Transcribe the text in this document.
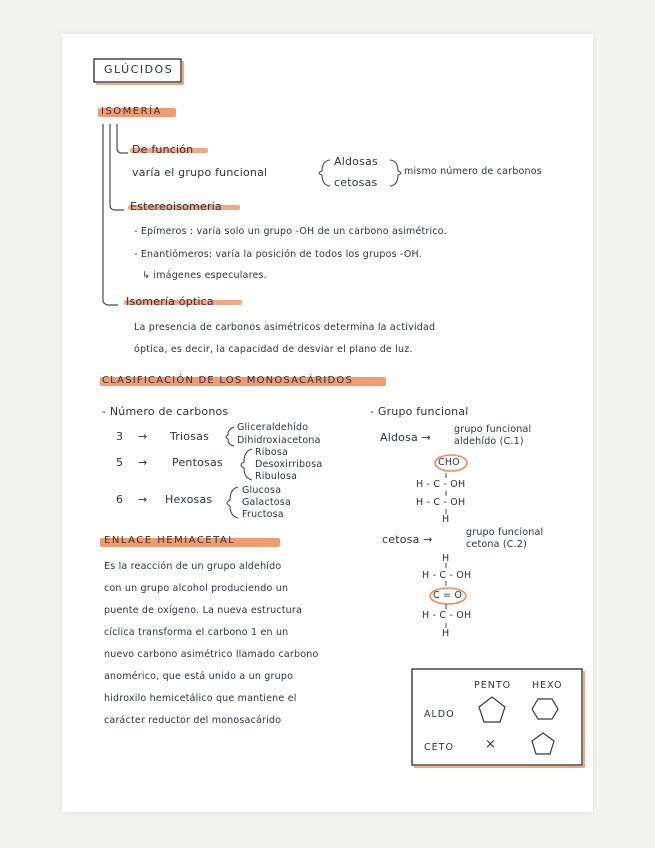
GLÚCIDOS
ISOMERÍA
De función
varía el grupo funcional
Aldosas
cetosas
mismo número de carbonos
Estereoisomería
- Epímeros : varía solo un grupo -OH de un carbono asimétrico.
- Enantiómeros: varía la posición de todos los grupos -OH.
↳ imágenes especulares.
Isomería óptica
La presencia de carbonos asimétricos determina la actividad
óptica, es decir, la capacidad de desviar el plano de luz.
CLASIFICACIÓN DE LOS MONOSACÁRIDOS
- Número de carbonos
3 → Triosas
Gliceraldehído
Dihidroxiacetona
5 → Pentosas
Ribosa
Desoxirribosa
Ribulosa
6 → Hexosas
Glucosa
Galactosa
Fructosa
- Grupo funcional
Aldosa →
grupo funcional
aldehído (C.1)
CHO
H - C - OH
H - C - OH
H
cetosa →
grupo funcional
cetona (C.2)
H
H - C - OH
C = O
H - C - OH
H
ENLACE HEMIACETAL
Es la reacción de un grupo aldehído
con un grupo alcohol produciendo un
puente de oxígeno. La nueva estructura
cíclica transforma el carbono 1 en un
nuevo carbono asimétrico llamado carbono
anomérico, que está unido a un grupo
hidroxilo hemicetálico que mantiene el
carácter reductor del monosacárido
PENTO HEXO
ALDO
CETO ×
